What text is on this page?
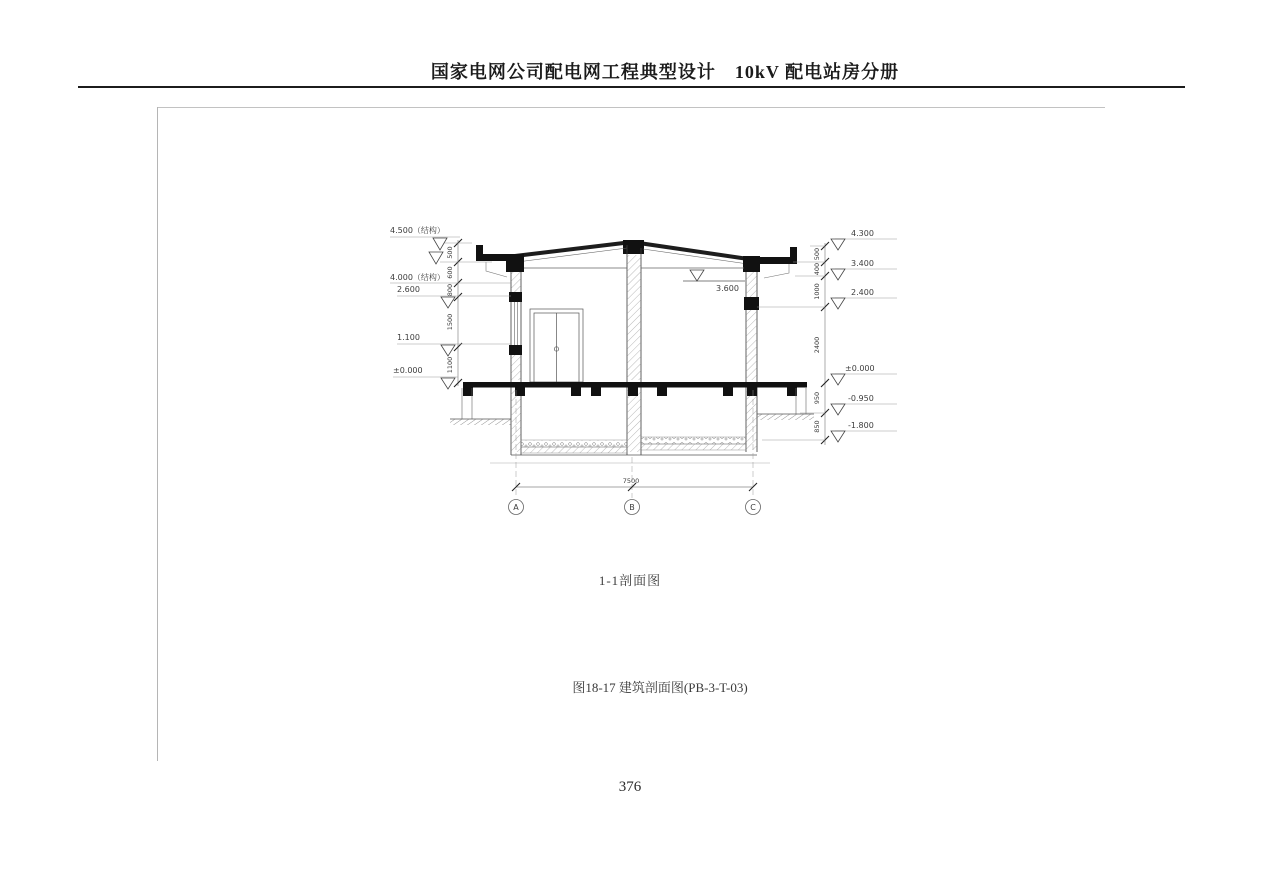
国家电网公司配电网工程典型设计　10kV 配电站房分册
4.500（结构）
4.000（结构）
2.600
1.100
±0.000
500
600
800
1500
1100
4.300
3.400
2.400
±0.000
-0.950
-1.800
500
400
1000
2400
950
850
3.600
7500
A	B	C
1-1剖面图
图18-17 建筑剖面图(PB-3-T-03)
376
